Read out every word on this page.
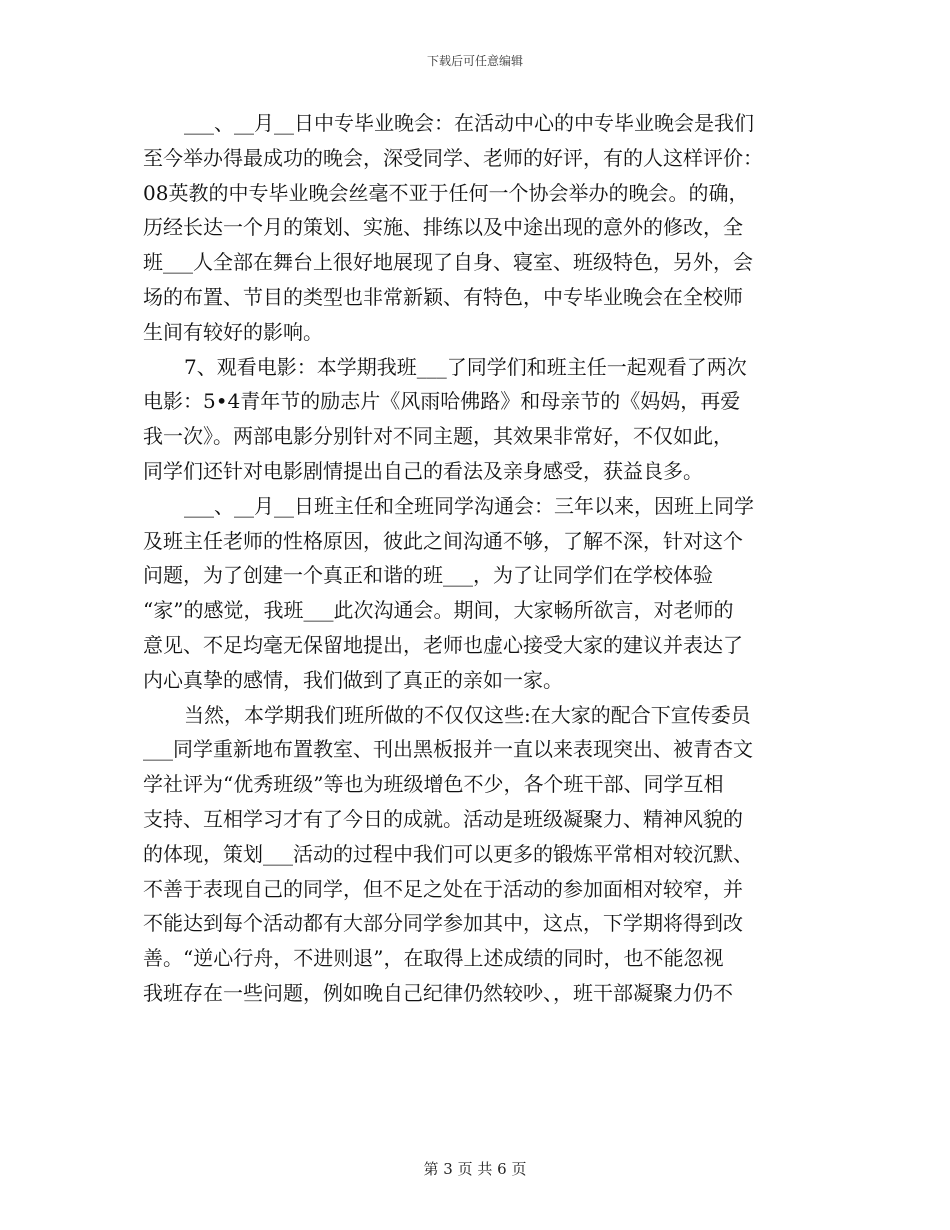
下载后可任意编辑
___、__月__日中专毕业晚会：在活动中心的中专毕业晚会是我们
至今举办得最成功的晚会，深受同学、老师的好评，有的人这样评价：
08英教的中专毕业晚会丝毫不亚于任何一个协会举办的晚会。的确，
历经长达一个月的策划、实施、排练以及中途出现的意外的修改，全
班___人全部在舞台上很好地展现了自身、寝室、班级特色，另外，会
场的布置、节目的类型也非常新颖、有特色，中专毕业晚会在全校师
生间有较好的影响。
7、观看电影：本学期我班___了同学们和班主任一起观看了两次
电影：5•4青年节的励志片《风雨哈佛路》和母亲节的《妈妈，再爱
我一次》。两部电影分别针对不同主题，其效果非常好，不仅如此，
同学们还针对电影剧情提出自己的看法及亲身感受，获益良多。
___、__月__日班主任和全班同学沟通会：三年以来，因班上同学
及班主任老师的性格原因，彼此之间沟通不够，了解不深，针对这个
问题，为了创建一个真正和谐的班___，为了让同学们在学校体验
“家”的感觉，我班___此次沟通会。期间，大家畅所欲言，对老师的
意见、不足均毫无保留地提出，老师也虚心接受大家的建议并表达了
内心真挚的感情，我们做到了真正的亲如一家。
当然，本学期我们班所做的不仅仅这些:在大家的配合下宣传委员
___同学重新地布置教室、刊出黑板报并一直以来表现突出、被青杏文
学社评为“优秀班级”等也为班级增色不少，各个班干部、同学互相
支持、互相学习才有了今日的成就。活动是班级凝聚力、精神风貌的
的体现，策划___活动的过程中我们可以更多的锻炼平常相对较沉默、
不善于表现自己的同学，但不足之处在于活动的参加面相对较窄，并
不能达到每个活动都有大部分同学参加其中，这点，下学期将得到改
善。“逆心行舟，不进则退”，在取得上述成绩的同时，也不能忽视
我班存在一些问题，例如晚自己纪律仍然较吵、，班干部凝聚力仍不
第 3 页 共 6 页
